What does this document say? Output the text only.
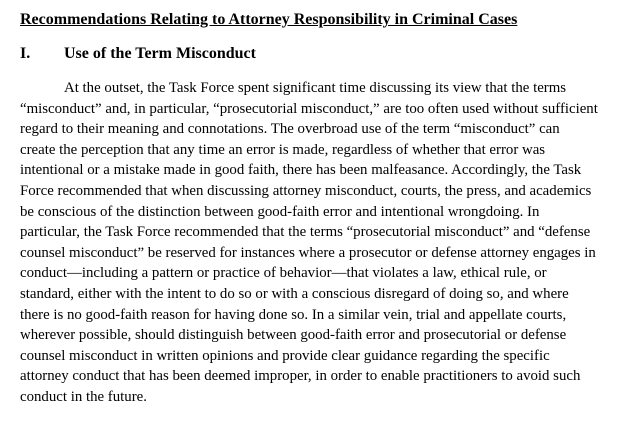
Recommendations Relating to Attorney Responsibility in Criminal Cases
I. Use of the Term Misconduct
At the outset, the Task Force spent significant time discussing its view that the terms
“misconduct” and, in particular, “prosecutorial misconduct,” are too often used without sufficient
regard to their meaning and connotations. The overbroad use of the term “misconduct” can
create the perception that any time an error is made, regardless of whether that error was
intentional or a mistake made in good faith, there has been malfeasance. Accordingly, the Task
Force recommended that when discussing attorney misconduct, courts, the press, and academics
be conscious of the distinction between good-faith error and intentional wrongdoing. In
particular, the Task Force recommended that the terms “prosecutorial misconduct” and “defense
counsel misconduct” be reserved for instances where a prosecutor or defense attorney engages in
conduct—including a pattern or practice of behavior—that violates a law, ethical rule, or
standard, either with the intent to do so or with a conscious disregard of doing so, and where
there is no good-faith reason for having done so. In a similar vein, trial and appellate courts,
wherever possible, should distinguish between good-faith error and prosecutorial or defense
counsel misconduct in written opinions and provide clear guidance regarding the specific
attorney conduct that has been deemed improper, in order to enable practitioners to avoid such
conduct in the future.
